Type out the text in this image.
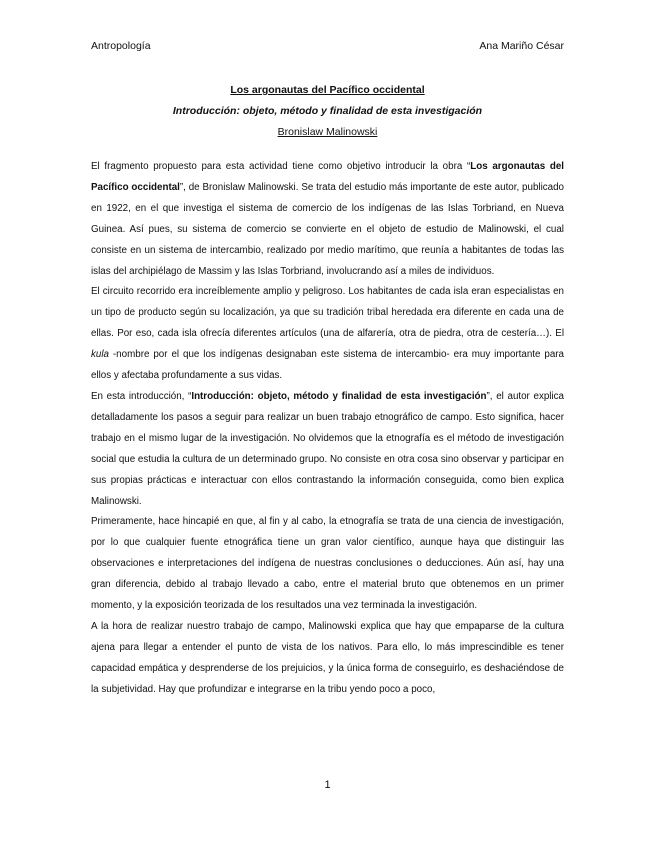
Antropología	Ana Mariño César
Los argonautas del Pacífico occidental
Introducción: objeto, método y finalidad de esta investigación
Bronislaw Malinowski

El fragmento propuesto para esta actividad tiene como objetivo introducir la obra “Los argonautas del Pacífico occidental”, de Bronislaw Malinowski. Se trata del estudio más importante de este autor, publicado en 1922, en el que investiga el sistema de comercio de los indígenas de las Islas Torbriand, en Nueva Guinea. Así pues, su sistema de comercio se convierte en el objeto de estudio de Malinowski, el cual consiste en un sistema de intercambio, realizado por medio marítimo, que reunía a habitantes de todas las islas del archipiélago de Massim y las Islas Torbriand, involucrando así a miles de individuos.

El circuito recorrido era increíblemente amplio y peligroso. Los habitantes de cada isla eran especialistas en un tipo de producto según su localización, ya que su tradición tribal heredada era diferente en cada una de ellas. Por eso, cada isla ofrecía diferentes artículos (una de alfarería, otra de piedra, otra de cestería…). El kula -nombre por el que los indígenas designaban este sistema de intercambio- era muy importante para ellos y afectaba profundamente a sus vidas.

En esta introducción, “Introducción: objeto, método y finalidad de esta investigación”, el autor explica detalladamente los pasos a seguir para realizar un buen trabajo etnográfico de campo. Esto significa, hacer trabajo en el mismo lugar de la investigación. No olvidemos que la etnografía es el método de investigación social que estudia la cultura de un determinado grupo. No consiste en otra cosa sino observar y participar en sus propias prácticas e interactuar con ellos contrastando la información conseguida, como bien explica Malinowski.

Primeramente, hace hincapié en que, al fin y al cabo, la etnografía se trata de una ciencia de investigación, por lo que cualquier fuente etnográfica tiene un gran valor científico, aunque haya que distinguir las observaciones e interpretaciones del indígena de nuestras conclusiones o deducciones. Aún así, hay una gran diferencia, debido al trabajo llevado a cabo, entre el material bruto que obtenemos en un primer momento, y la exposición teorizada de los resultados una vez terminada la investigación.

A la hora de realizar nuestro trabajo de campo, Malinowski explica que hay que empaparse de la cultura ajena para llegar a entender el punto de vista de los nativos. Para ello, lo más imprescindible es tener capacidad empática y desprenderse de los prejuicios, y la única forma de conseguirlo, es deshaciéndose de la subjetividad. Hay que profundizar e integrarse en la tribu yendo poco a poco,

1
